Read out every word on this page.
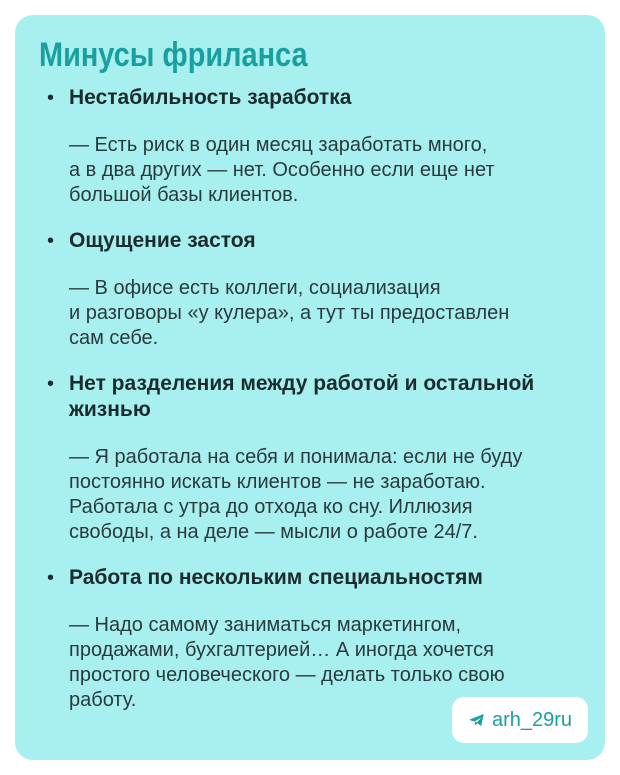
Минусы фриланса
• Нестабильность заработка

— Есть риск в один месяц заработать много,
а в два других — нет. Особенно если еще нет
большой базы клиентов.

• Ощущение застоя

— В офисе есть коллеги, социализация
и разговоры «у кулера», а тут ты предоставлен
сам себе.

• Нет разделения между работой и остальной
жизнью

— Я работала на себя и понимала: если не буду
постоянно искать клиентов — не заработаю.
Работала с утра до отхода ко сну. Иллюзия
свободы, а на деле — мысли о работе 24/7.

• Работа по нескольким специальностям

— Надо самому заниматься маркетингом,
продажами, бухгалтерией… А иногда хочется
простого человеческого — делать только свою
работу.

arh_29ru
